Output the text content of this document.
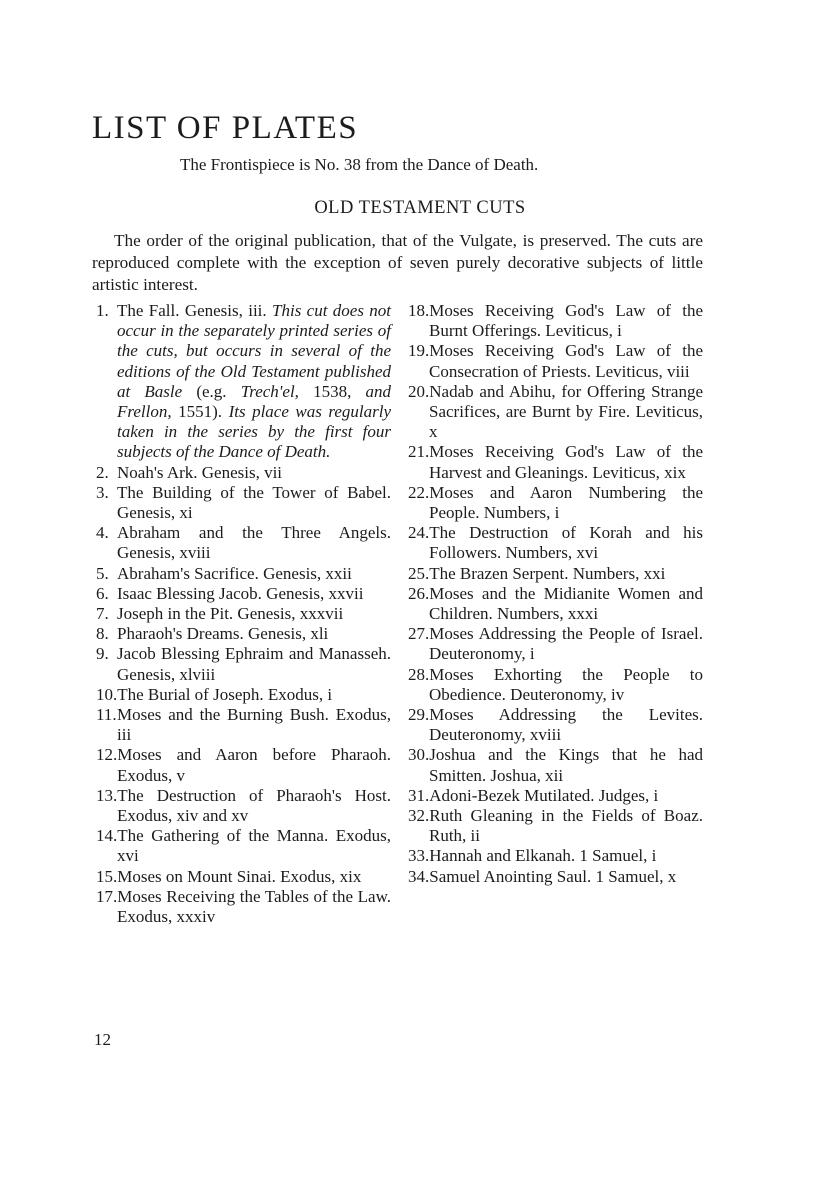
LIST OF PLATES
The Frontispiece is No. 38 from the Dance of Death.
OLD TESTAMENT CUTS
The order of the original publication, that of the Vulgate, is preserved. The cuts are reproduced complete with the exception of seven purely decorative subjects of little artistic interest.
1. The Fall. Genesis, iii. This cut does not occur in the separately printed series of the cuts, but occurs in several of the editions of the Old Testament published at Basle (e.g. Trech'el, 1538, and Frellon, 1551). Its place was regularly taken in the series by the first four subjects of the Dance of Death.
2. Noah's Ark. Genesis, vii
3. The Building of the Tower of Babel. Genesis, xi
4. Abraham and the Three Angels. Genesis, xviii
5. Abraham's Sacrifice. Genesis, xxii
6. Isaac Blessing Jacob. Genesis, xxvii
7. Joseph in the Pit. Genesis, xxxvii
8. Pharaoh's Dreams. Genesis, xli
9. Jacob Blessing Ephraim and Manasseh. Genesis, xlviii
10.The Burial of Joseph. Exodus, i
11.Moses and the Burning Bush. Exodus, iii
12.Moses and Aaron before Pharaoh. Exodus, v
13.The Destruction of Pharaoh's Host. Exodus, xiv and xv
14.The Gathering of the Manna. Exodus, xvi
15.Moses on Mount Sinai. Exodus, xix
17.Moses Receiving the Tables of the Law. Exodus, xxxiv
18.Moses Receiving God's Law of the Burnt Offerings. Leviticus, i
19.Moses Receiving God's Law of the Consecration of Priests. Leviticus, viii
20.Nadab and Abihu, for Offering Strange Sacrifices, are Burnt by Fire. Leviticus, x
21.Moses Receiving God's Law of the Harvest and Gleanings. Leviticus, xix
22.Moses and Aaron Numbering the People. Numbers, i
24.The Destruction of Korah and his Followers. Numbers, xvi
25.The Brazen Serpent. Numbers, xxi
26.Moses and the Midianite Women and Children. Numbers, xxxi
27.Moses Addressing the People of Israel. Deuteronomy, i
28.Moses Exhorting the People to Obedience. Deuteronomy, iv
29.Moses Addressing the Levites. Deuteronomy, xviii
30.Joshua and the Kings that he had Smitten. Joshua, xii
31.Adoni-Bezek Mutilated. Judges, i
32.Ruth Gleaning in the Fields of Boaz. Ruth, ii
33.Hannah and Elkanah. 1 Samuel, i
34.Samuel Anointing Saul. 1 Samuel, x
12
